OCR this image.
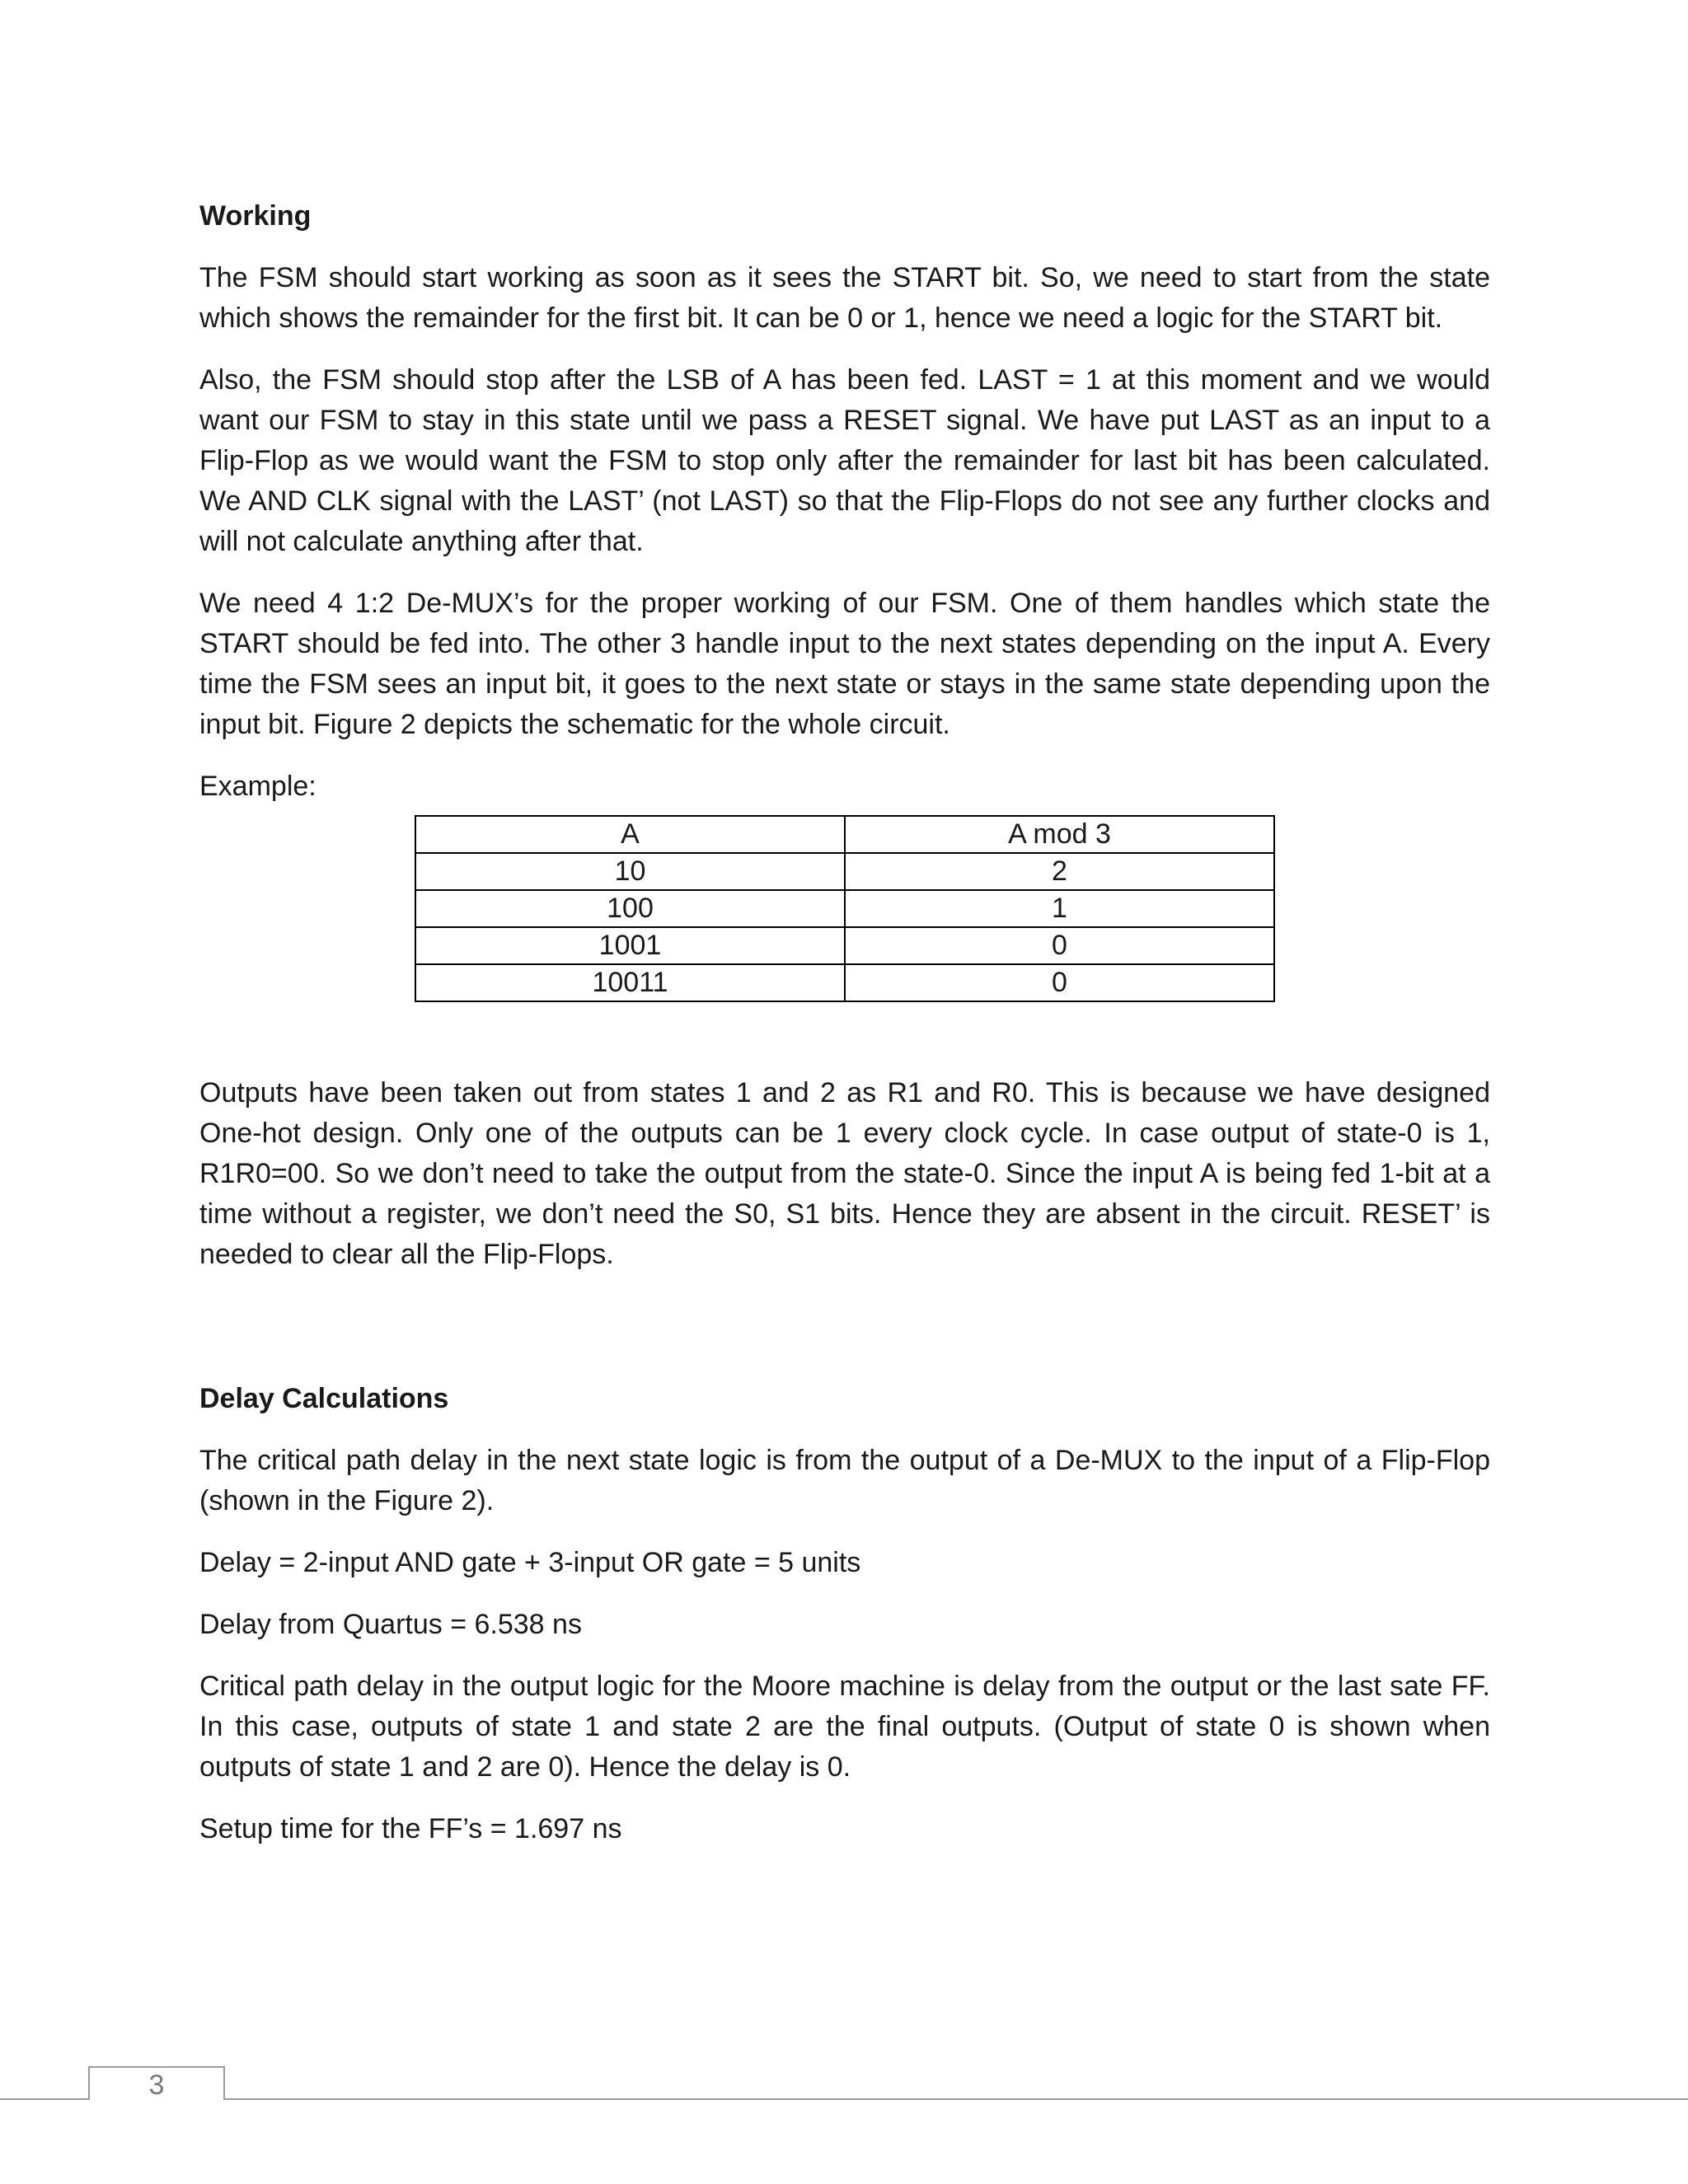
Working

The FSM should start working as soon as it sees the START bit. So, we need to start from the state which shows the remainder for the first bit. It can be 0 or 1, hence we need a logic for the START bit.

Also, the FSM should stop after the LSB of A has been fed. LAST = 1 at this moment and we would want our FSM to stay in this state until we pass a RESET signal. We have put LAST as an input to a Flip-Flop as we would want the FSM to stop only after the remainder for last bit has been calculated. We AND CLK signal with the LAST’ (not LAST) so that the Flip-Flops do not see any further clocks and will not calculate anything after that.

We need 4 1:2 De-MUX’s for the proper working of our FSM. One of them handles which state the START should be fed into. The other 3 handle input to the next states depending on the input A. Every time the FSM sees an input bit, it goes to the next state or stays in the same state depending upon the input bit. Figure 2 depicts the schematic for the whole circuit.

Example:

A	A mod 3
10	2
100	1
1001	0
10011	0

Outputs have been taken out from states 1 and 2 as R1 and R0. This is because we have designed One-hot design. Only one of the outputs can be 1 every clock cycle. In case output of state-0 is 1, R1R0=00. So we don’t need to take the output from the state-0. Since the input A is being fed 1-bit at a time without a register, we don’t need the S0, S1 bits. Hence they are absent in the circuit. RESET’ is needed to clear all the Flip-Flops.

Delay Calculations

The critical path delay in the next state logic is from the output of a De-MUX to the input of a Flip-Flop (shown in the Figure 2).

Delay = 2-input AND gate + 3-input OR gate = 5 units

Delay from Quartus = 6.538 ns

Critical path delay in the output logic for the Moore machine is delay from the output or the last sate FF. In this case, outputs of state 1 and state 2 are the final outputs. (Output of state 0 is shown when outputs of state 1 and 2 are 0). Hence the delay is 0.

Setup time for the FF’s = 1.697 ns

3
